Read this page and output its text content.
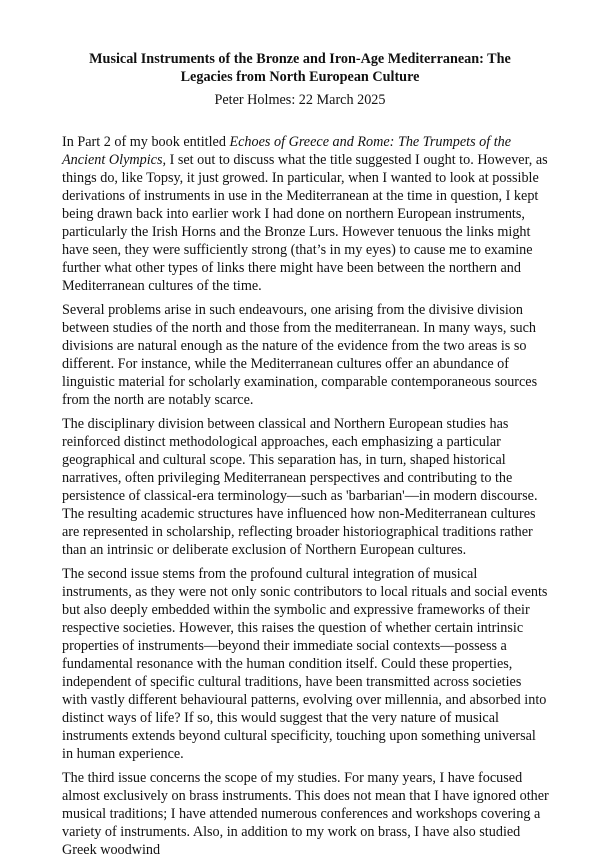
Musical Instruments of the Bronze and Iron-Age Mediterranean: The
Legacies from North European Culture

Peter Holmes: 22 March 2025

In Part 2 of my book entitled Echoes of Greece and Rome: The Trumpets of the Ancient Olympics, I set out to discuss what the title suggested I ought to. However, as things do, like Topsy, it just growed. In particular, when I wanted to look at possible derivations of instruments in use in the Mediterranean at the time in question, I kept being drawn back into earlier work I had done on northern European instruments, particularly the Irish Horns and the Bronze Lurs. However tenuous the links might have seen, they were sufficiently strong (that’s in my eyes) to cause me to examine further what other types of links there might have been between the northern and Mediterranean cultures of the time.

Several problems arise in such endeavours, one arising from the divisive division between studies of the north and those from the mediterranean. In many ways, such divisions are natural enough as the nature of the evidence from the two areas is so different. For instance, while the Mediterranean cultures offer an abundance of linguistic material for scholarly examination, comparable contemporaneous sources from the north are notably scarce.

The disciplinary division between classical and Northern European studies has reinforced distinct methodological approaches, each emphasizing a particular geographical and cultural scope. This separation has, in turn, shaped historical narratives, often privileging Mediterranean perspectives and contributing to the persistence of classical-era terminology—such as 'barbarian'—in modern discourse. The resulting academic structures have influenced how non-Mediterranean cultures are represented in scholarship, reflecting broader historiographical traditions rather than an intrinsic or deliberate exclusion of Northern European cultures.

The second issue stems from the profound cultural integration of musical instruments, as they were not only sonic contributors to local rituals and social events but also deeply embedded within the symbolic and expressive frameworks of their respective societies. However, this raises the question of whether certain intrinsic properties of instruments—beyond their immediate social contexts—possess a fundamental resonance with the human condition itself. Could these properties, independent of specific cultural traditions, have been transmitted across societies with vastly different behavioural patterns, evolving over millennia, and absorbed into distinct ways of life? If so, this would suggest that the very nature of musical instruments extends beyond cultural specificity, touching upon something universal in human experience.

The third issue concerns the scope of my studies. For many years, I have focused almost exclusively on brass instruments. This does not mean that I have ignored other musical traditions; I have attended numerous conferences and workshops covering a variety of instruments. Also, in addition to my work on brass, I have also studied Greek woodwind
